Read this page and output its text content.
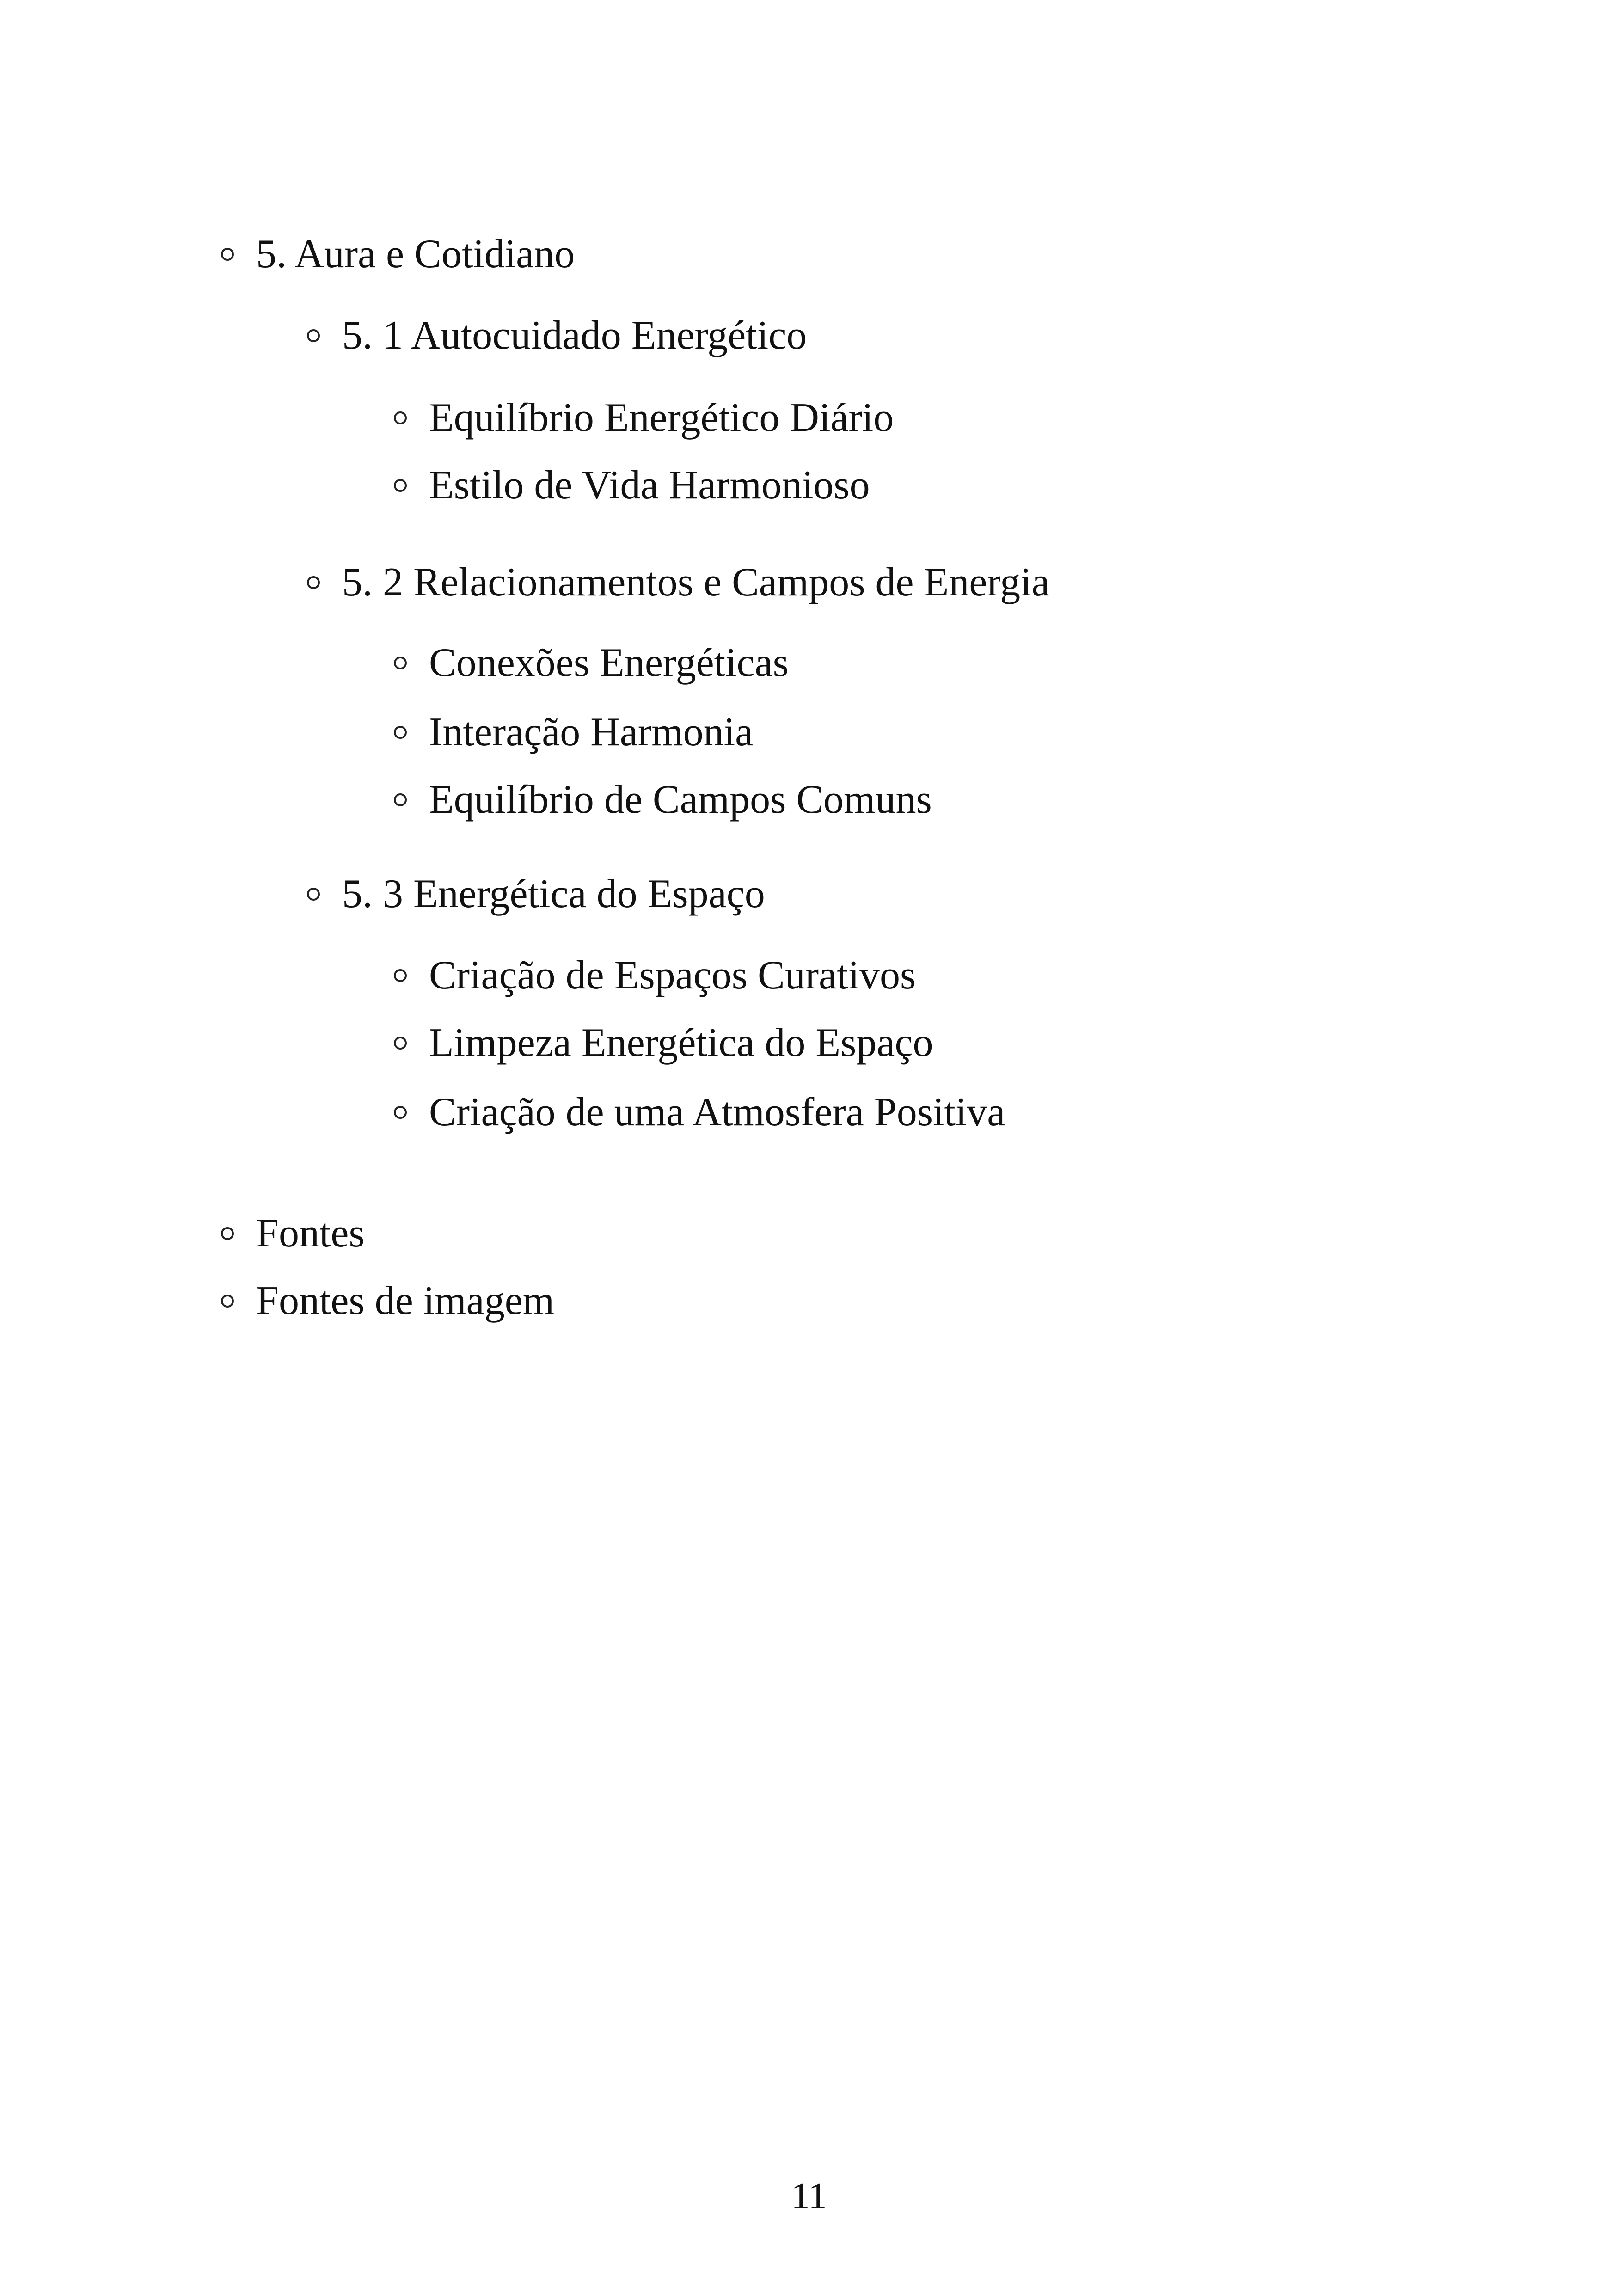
5. Aura e Cotidiano
5. 1 Autocuidado Energético
Equilíbrio Energético Diário
Estilo de Vida Harmonioso
5. 2 Relacionamentos e Campos de Energia
Conexões Energéticas
Interação Harmonia
Equilíbrio de Campos Comuns
5. 3 Energética do Espaço
Criação de Espaços Curativos
Limpeza Energética do Espaço
Criação de uma Atmosfera Positiva
Fontes
Fontes de imagem
11
